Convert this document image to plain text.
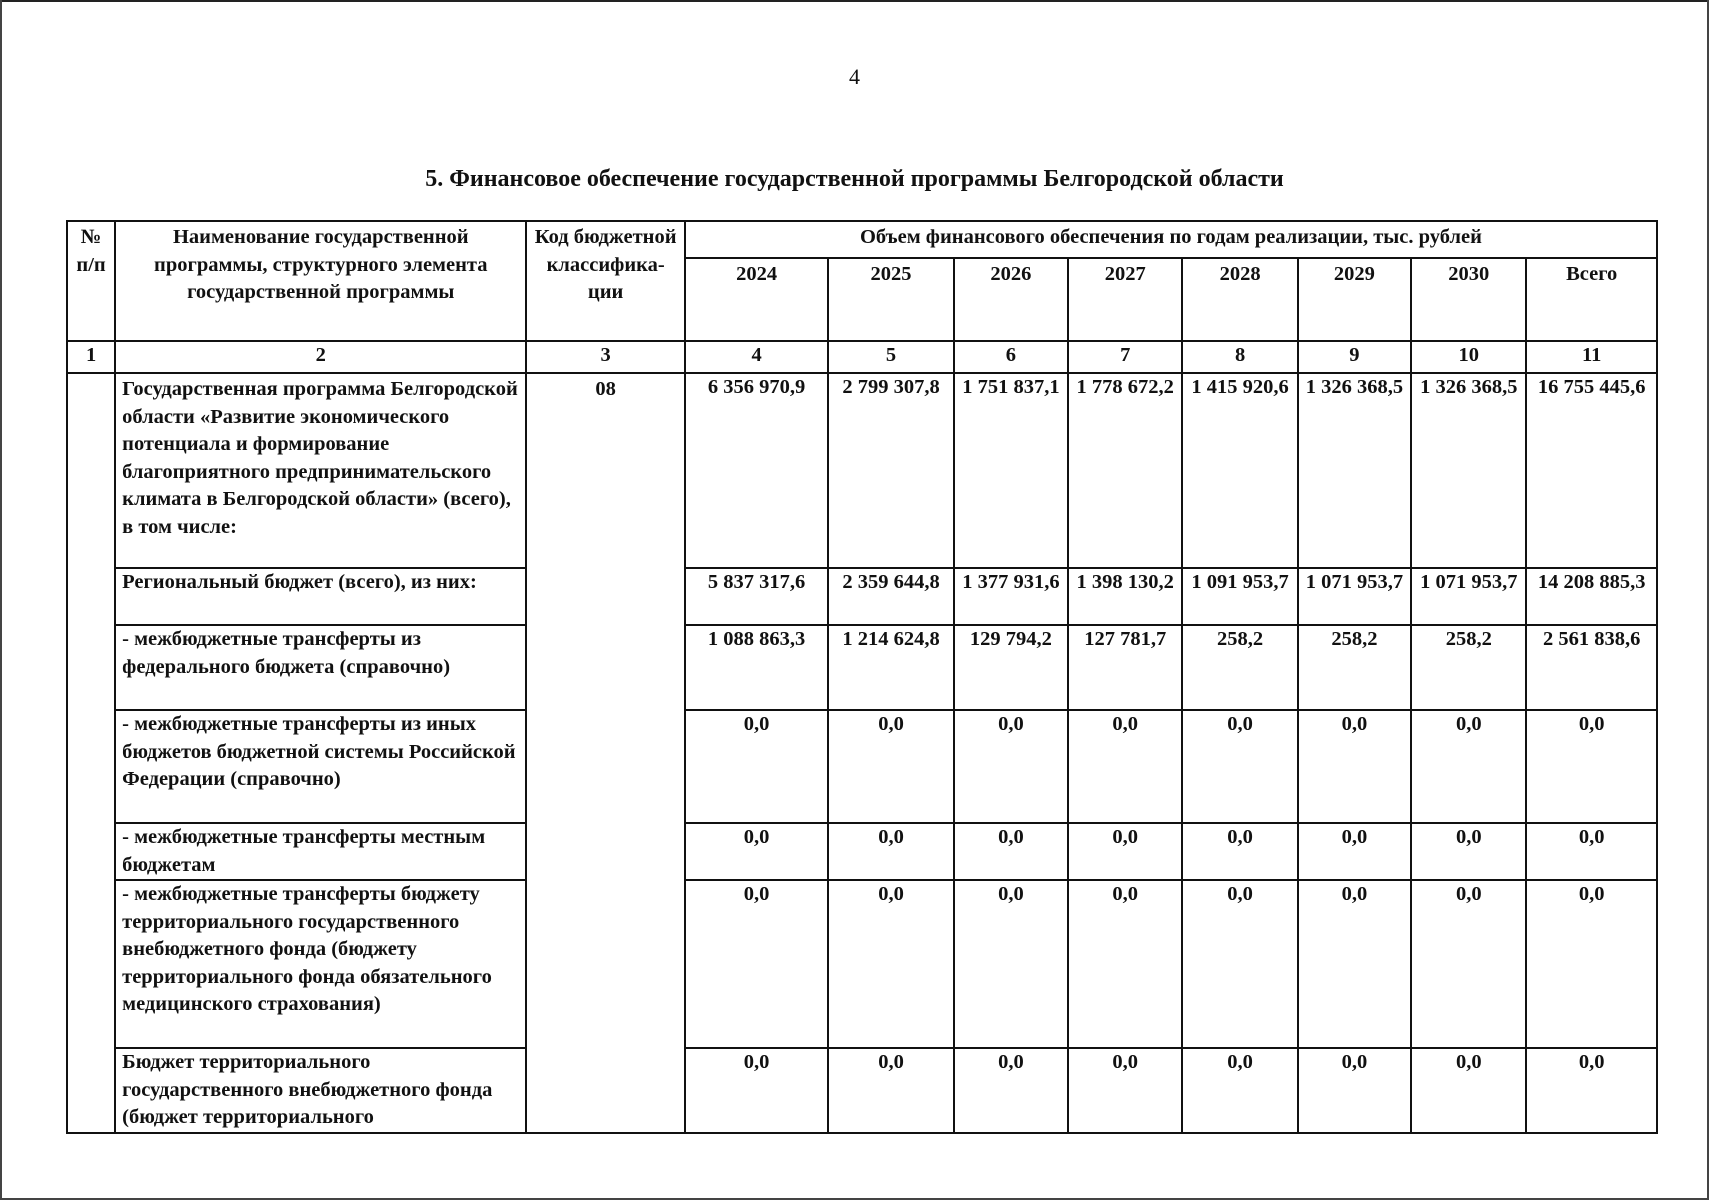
4
5. Финансовое обеспечение государственной программы Белгородской области
№ п/п	Наименование государственной программы, структурного элемента государственной программы	Код бюджетной классифика-ции	Объем финансового обеспечения по годам реализации, тыс. рублей							
			2024	2025	2026	2027	2028	2029	2030	Всего
1	2	3	4	5	6	7	8	9	10	11
	Государственная программа Белгородской области «Развитие экономического потенциала и формирование благоприятного предпринимательского климата в Белгородской области» (всего), в том числе:	08	6 356 970,9	2 799 307,8	1 751 837,1	1 778 672,2	1 415 920,6	1 326 368,5	1 326 368,5	16 755 445,6
	Региональный бюджет (всего), из них:		5 837 317,6	2 359 644,8	1 377 931,6	1 398 130,2	1 091 953,7	1 071 953,7	1 071 953,7	14 208 885,3
	- межбюджетные трансферты из федерального бюджета (справочно)		1 088 863,3	1 214 624,8	129 794,2	127 781,7	258,2	258,2	258,2	2 561 838,6
	- межбюджетные трансферты из иных бюджетов бюджетной системы Российской Федерации (справочно)		0,0	0,0	0,0	0,0	0,0	0,0	0,0	0,0
	- межбюджетные трансферты местным бюджетам		0,0	0,0	0,0	0,0	0,0	0,0	0,0	0,0
	- межбюджетные трансферты бюджету территориального государственного внебюджетного фонда (бюджету территориального фонда обязательного медицинского страхования)		0,0	0,0	0,0	0,0	0,0	0,0	0,0	0,0
	Бюджет территориального государственного внебюджетного фонда (бюджет территориального		0,0	0,0	0,0	0,0	0,0	0,0	0,0	0,0
